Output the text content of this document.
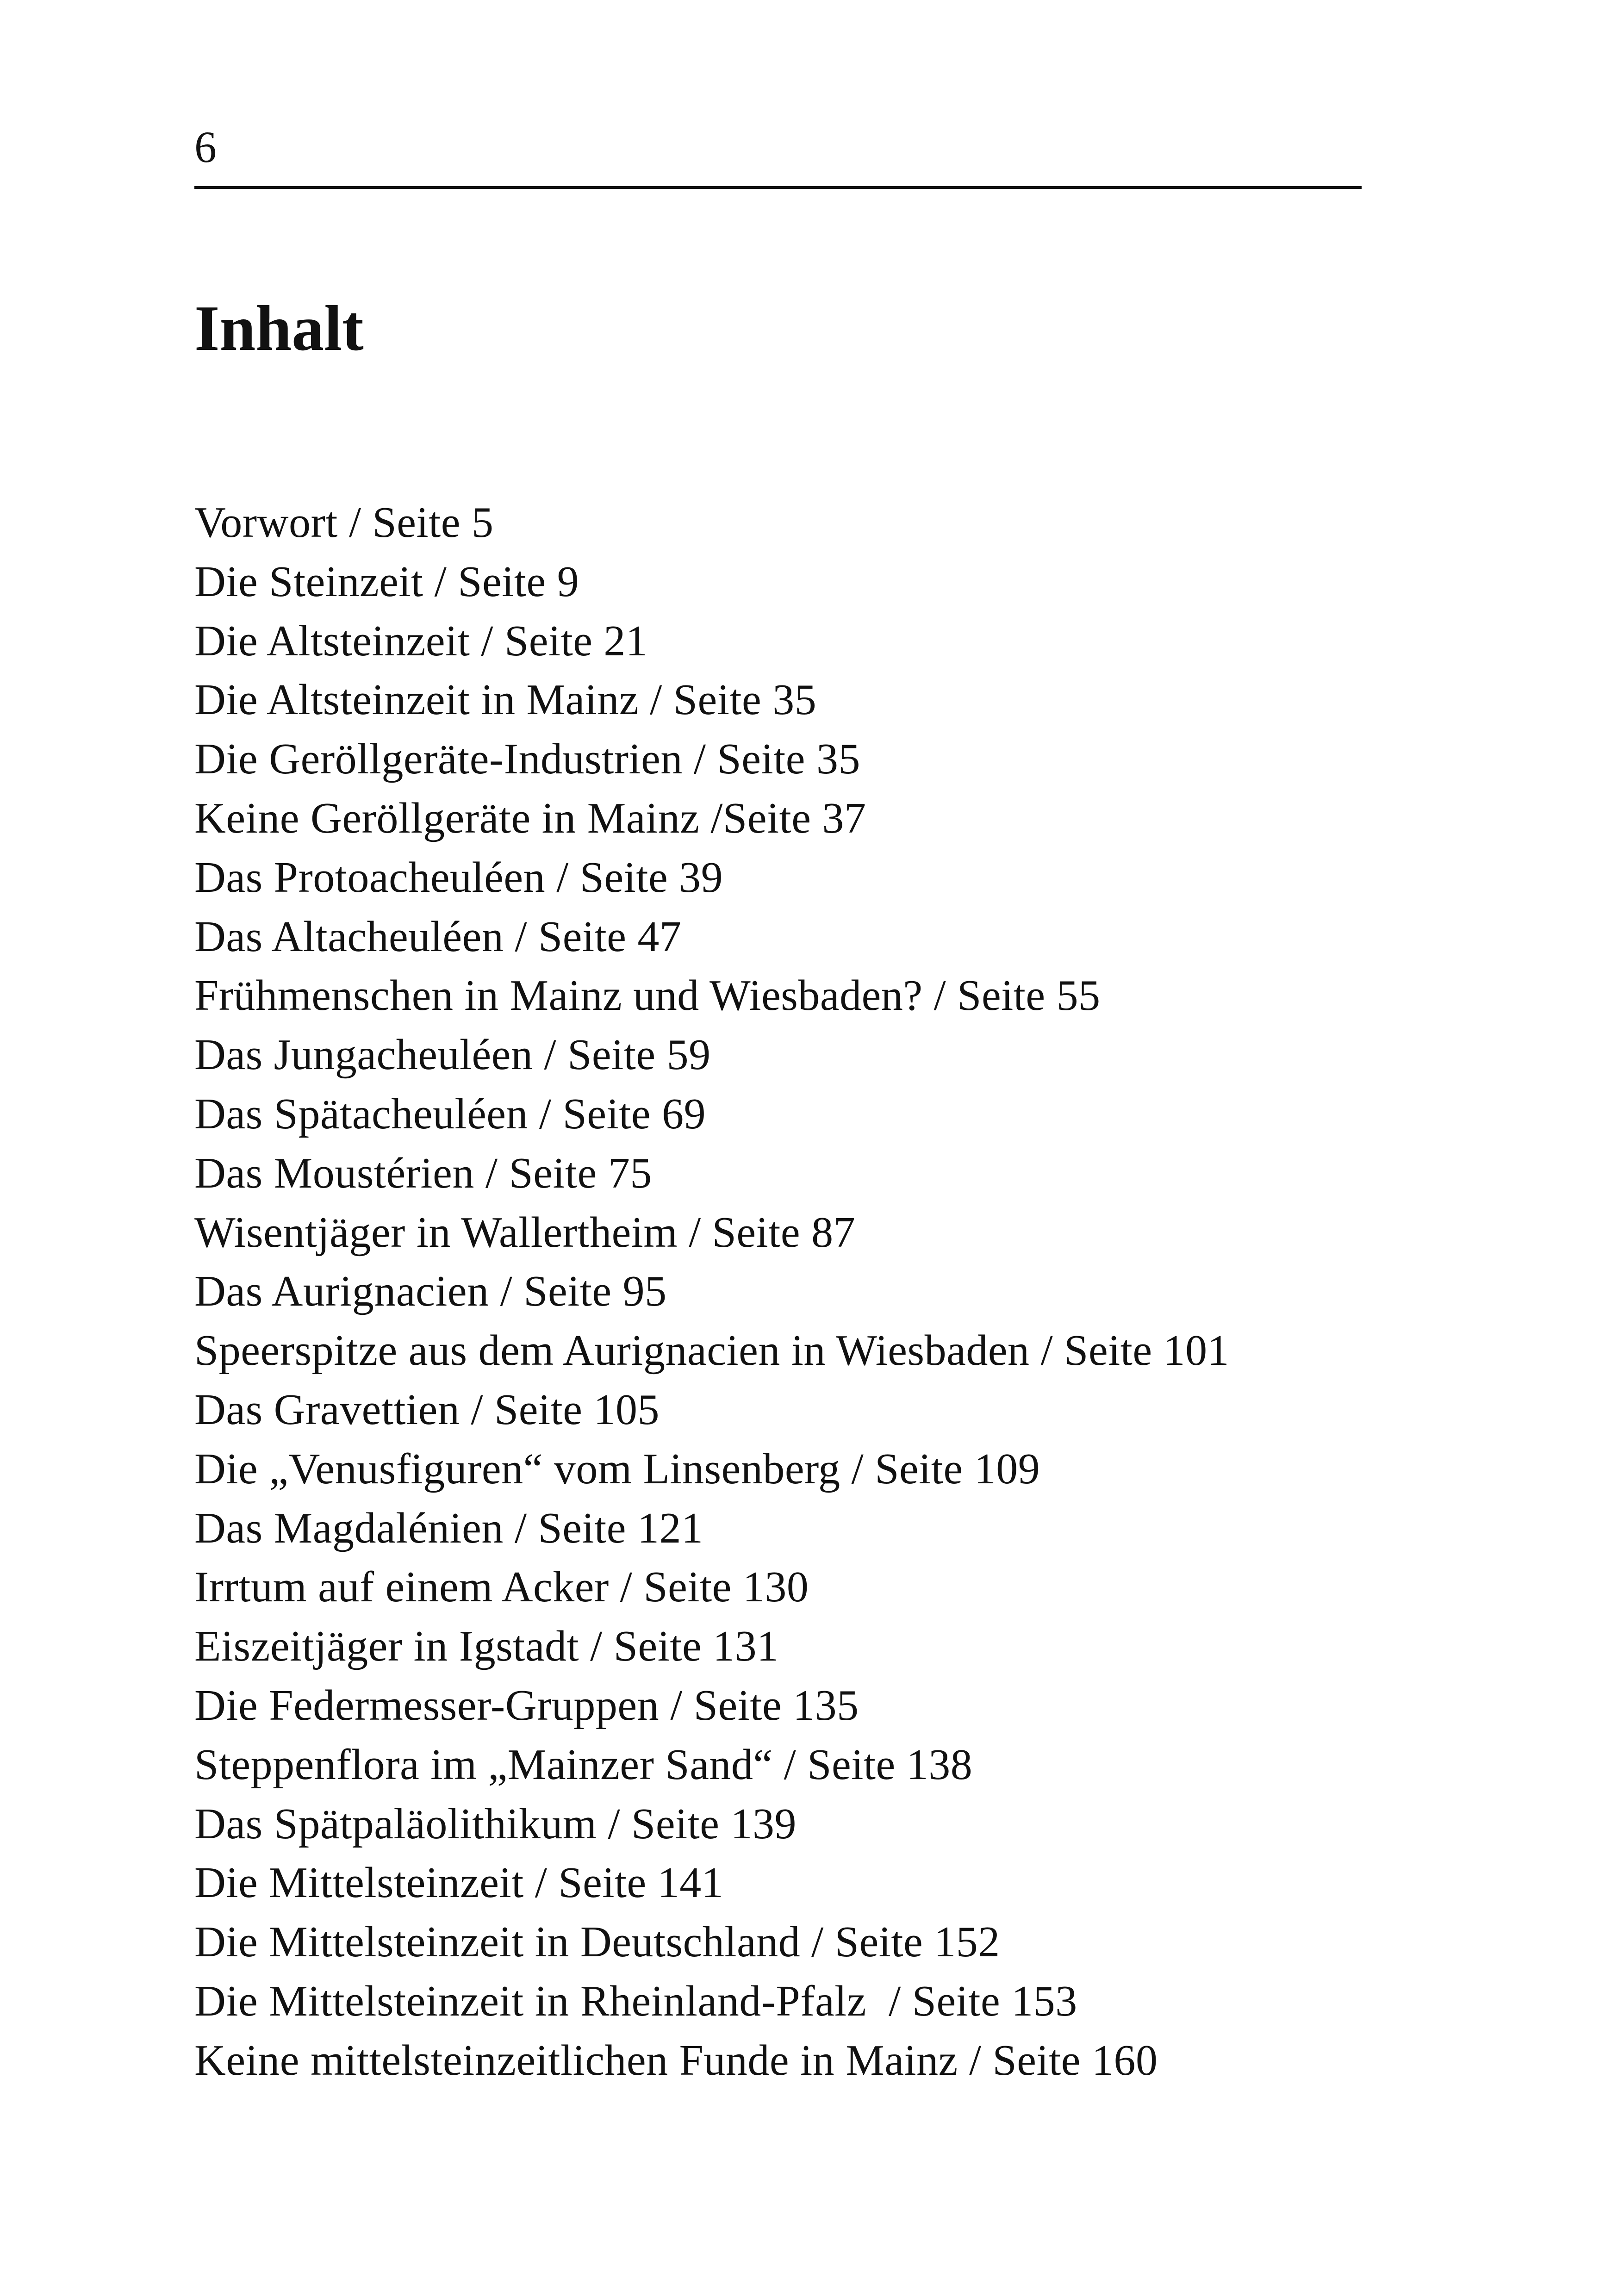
6
Inhalt
Vorwort / Seite 5
Die Steinzeit / Seite 9
Die Altsteinzeit / Seite 21
Die Altsteinzeit in Mainz / Seite 35
Die Geröllgeräte-Industrien / Seite 35
Keine Geröllgeräte in Mainz /Seite 37
Das Protoacheuléen / Seite 39
Das Altacheuléen / Seite 47
Frühmenschen in Mainz und Wiesbaden? / Seite 55
Das Jungacheuléen / Seite 59
Das Spätacheuléen / Seite 69
Das Moustérien / Seite 75
Wisentjäger in Wallertheim / Seite 87
Das Aurignacien / Seite 95
Speerspitze aus dem Aurignacien in Wiesbaden / Seite 101
Das Gravettien / Seite 105
Die „Venusfiguren“ vom Linsenberg / Seite 109
Das Magdalénien / Seite 121
Irrtum auf einem Acker / Seite 130
Eiszeitjäger in Igstadt / Seite 131
Die Federmesser-Gruppen / Seite 135
Steppenflora im „Mainzer Sand“ / Seite 138
Das Spätpaläolithikum / Seite 139
Die Mittelsteinzeit / Seite 141
Die Mittelsteinzeit in Deutschland / Seite 152
Die Mittelsteinzeit in Rheinland-Pfalz  / Seite 153
Keine mittelsteinzeitlichen Funde in Mainz / Seite 160
